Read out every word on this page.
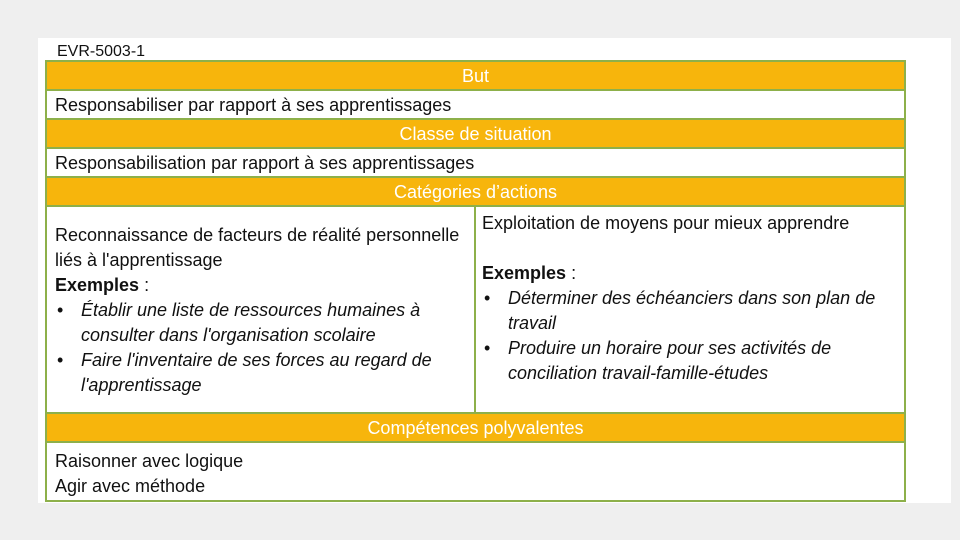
EVR-5003-1
But
Responsabiliser par rapport à ses apprentissages
Classe de situation
Responsabilisation par rapport à ses apprentissages
Catégories d’actions
Reconnaissance de facteurs de réalité personnelle liés à l'apprentissage
Exemples :
• Établir une liste de ressources humaines à consulter dans l'organisation scolaire
• Faire l'inventaire de ses forces au regard de l'apprentissage
Exploitation de moyens pour mieux apprendre
Exemples :
• Déterminer des échéanciers dans son plan de travail
• Produire un horaire pour ses activités de conciliation travail-famille-études
Compétences polyvalentes
Raisonner avec logique
Agir avec méthode
